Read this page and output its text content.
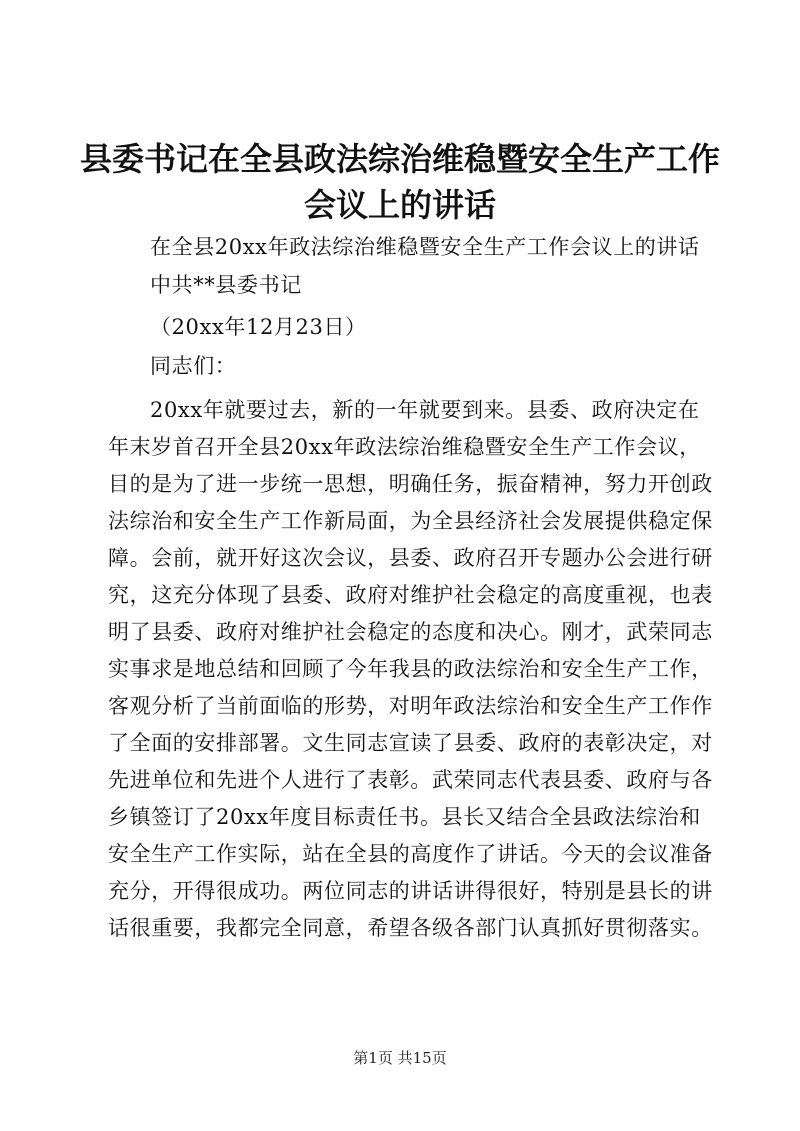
县委书记在全县政法综治维稳暨安全生产工作
会议上的讲话
在全县20xx年政法综治维稳暨安全生产工作会议上的讲话
中共**县委书记
（20xx年12月23日）
同志们：
20xx年就要过去，新的一年就要到来。县委、政府决定在
年末岁首召开全县20xx年政法综治维稳暨安全生产工作会议，
目的是为了进一步统一思想，明确任务，振奋精神，努力开创政
法综治和安全生产工作新局面，为全县经济社会发展提供稳定保
障。会前，就开好这次会议，县委、政府召开专题办公会进行研
究，这充分体现了县委、政府对维护社会稳定的高度重视，也表
明了县委、政府对维护社会稳定的态度和决心。刚才，武荣同志
实事求是地总结和回顾了今年我县的政法综治和安全生产工作，
客观分析了当前面临的形势，对明年政法综治和安全生产工作作
了全面的安排部署。文生同志宣读了县委、政府的表彰决定，对
先进单位和先进个人进行了表彰。武荣同志代表县委、政府与各
乡镇签订了20xx年度目标责任书。县长又结合全县政法综治和
安全生产工作实际，站在全县的高度作了讲话。今天的会议准备
充分，开得很成功。两位同志的讲话讲得很好，特别是县长的讲
话很重要，我都完全同意，希望各级各部门认真抓好贯彻落实。
第1页 共15页
